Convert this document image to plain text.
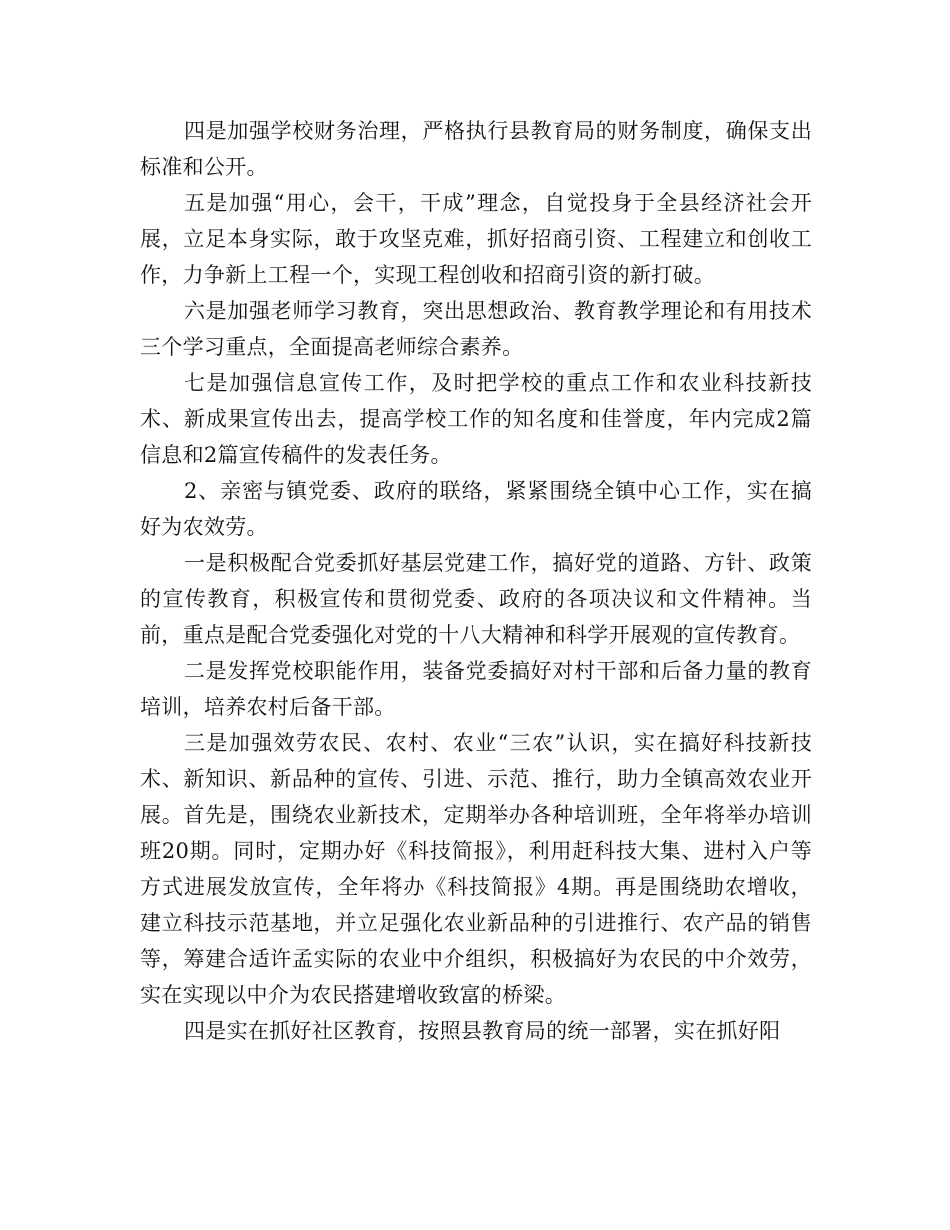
四是加强学校财务治理，严格执行县教育局的财务制度，确保支出标准和公开。

五是加强“用心，会干，干成”理念，自觉投身于全县经济社会开展，立足本身实际，敢于攻坚克难，抓好招商引资、工程建立和创收工作，力争新上工程一个，实现工程创收和招商引资的新打破。

六是加强老师学习教育，突出思想政治、教育教学理论和有用技术三个学习重点，全面提高老师综合素养。

七是加强信息宣传工作，及时把学校的重点工作和农业科技新技术、新成果宣传出去，提高学校工作的知名度和佳誉度，年内完成2篇信息和2篇宣传稿件的发表任务。

2、亲密与镇党委、政府的联络，紧紧围绕全镇中心工作，实在搞好为农效劳。

一是积极配合党委抓好基层党建工作，搞好党的道路、方针、政策的宣传教育，积极宣传和贯彻党委、政府的各项决议和文件精神。当前，重点是配合党委强化对党的十八大精神和科学开展观的宣传教育。

二是发挥党校职能作用，装备党委搞好对村干部和后备力量的教育培训，培养农村后备干部。

三是加强效劳农民、农村、农业“三农”认识，实在搞好科技新技术、新知识、新品种的宣传、引进、示范、推行，助力全镇高效农业开展。首先是，围绕农业新技术，定期举办各种培训班，全年将举办培训班20期。同时，定期办好《科技简报》，利用赶科技大集、进村入户等方式进展发放宣传，全年将办《科技简报》4期。再是围绕助农增收，建立科技示范基地，并立足强化农业新品种的引进推行、农产品的销售等，筹建合适许孟实际的农业中介组织，积极搞好为农民的中介效劳，实在实现以中介为农民搭建增收致富的桥梁。

四是实在抓好社区教育，按照县教育局的统一部署，实在抓好阳
